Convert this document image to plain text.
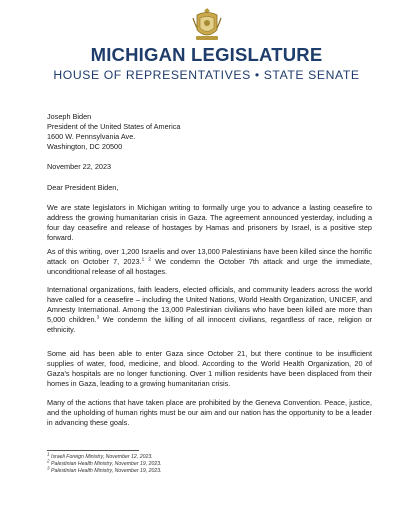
MICHIGAN LEGISLATURE
HOUSE OF REPRESENTATIVES • STATE SENATE
Joseph Biden
President of the United States of America
1600 W. Pennsylvania Ave.
Washington, DC 20500
November 22, 2023
Dear President Biden,

We are state legislators in Michigan writing to formally urge you to advance a lasting ceasefire to address the growing humanitarian crisis in Gaza. The agreement announced yesterday, including a four day ceasefire and release of hostages by Hamas and prisoners by Israel, is a positive step forward.

As of this writing, over 1,200 Israelis and over 13,000 Palestinians have been killed since the horrific attack on October 7, 2023.$^1$ $^2$ We condemn the October 7th attack and urge the immediate, unconditional release of all hostages.

International organizations, faith leaders, elected officials, and community leaders across the world have called for a ceasefire – including the United Nations, World Health Organization, UNICEF, and Amnesty International. Among the 13,000 Palestinian civilians who have been killed are more than 5,000 children.$^3$ We condemn the killing of all innocent civilians, regardless of race, religion or ethnicity.

Some aid has been able to enter Gaza since October 21, but there continue to be insufficient supplies of water, food, medicine, and blood. According to the World Health Organization, 20 of Gaza's hospitals are no longer functioning. Over 1 million residents have been displaced from their homes in Gaza, leading to a growing humanitarian crisis.

Many of the actions that have taken place are prohibited by the Geneva Convention. Peace, justice, and the upholding of human rights must be our aim and our nation has the opportunity to be a leader in advancing these goals.

$^1$ Israeli Foreign Ministry, November 12, 2023.
$^2$ Palestinian Health Ministry, November 19, 2023.
$^3$ Palestinian Health Ministry, November 19, 2023.
